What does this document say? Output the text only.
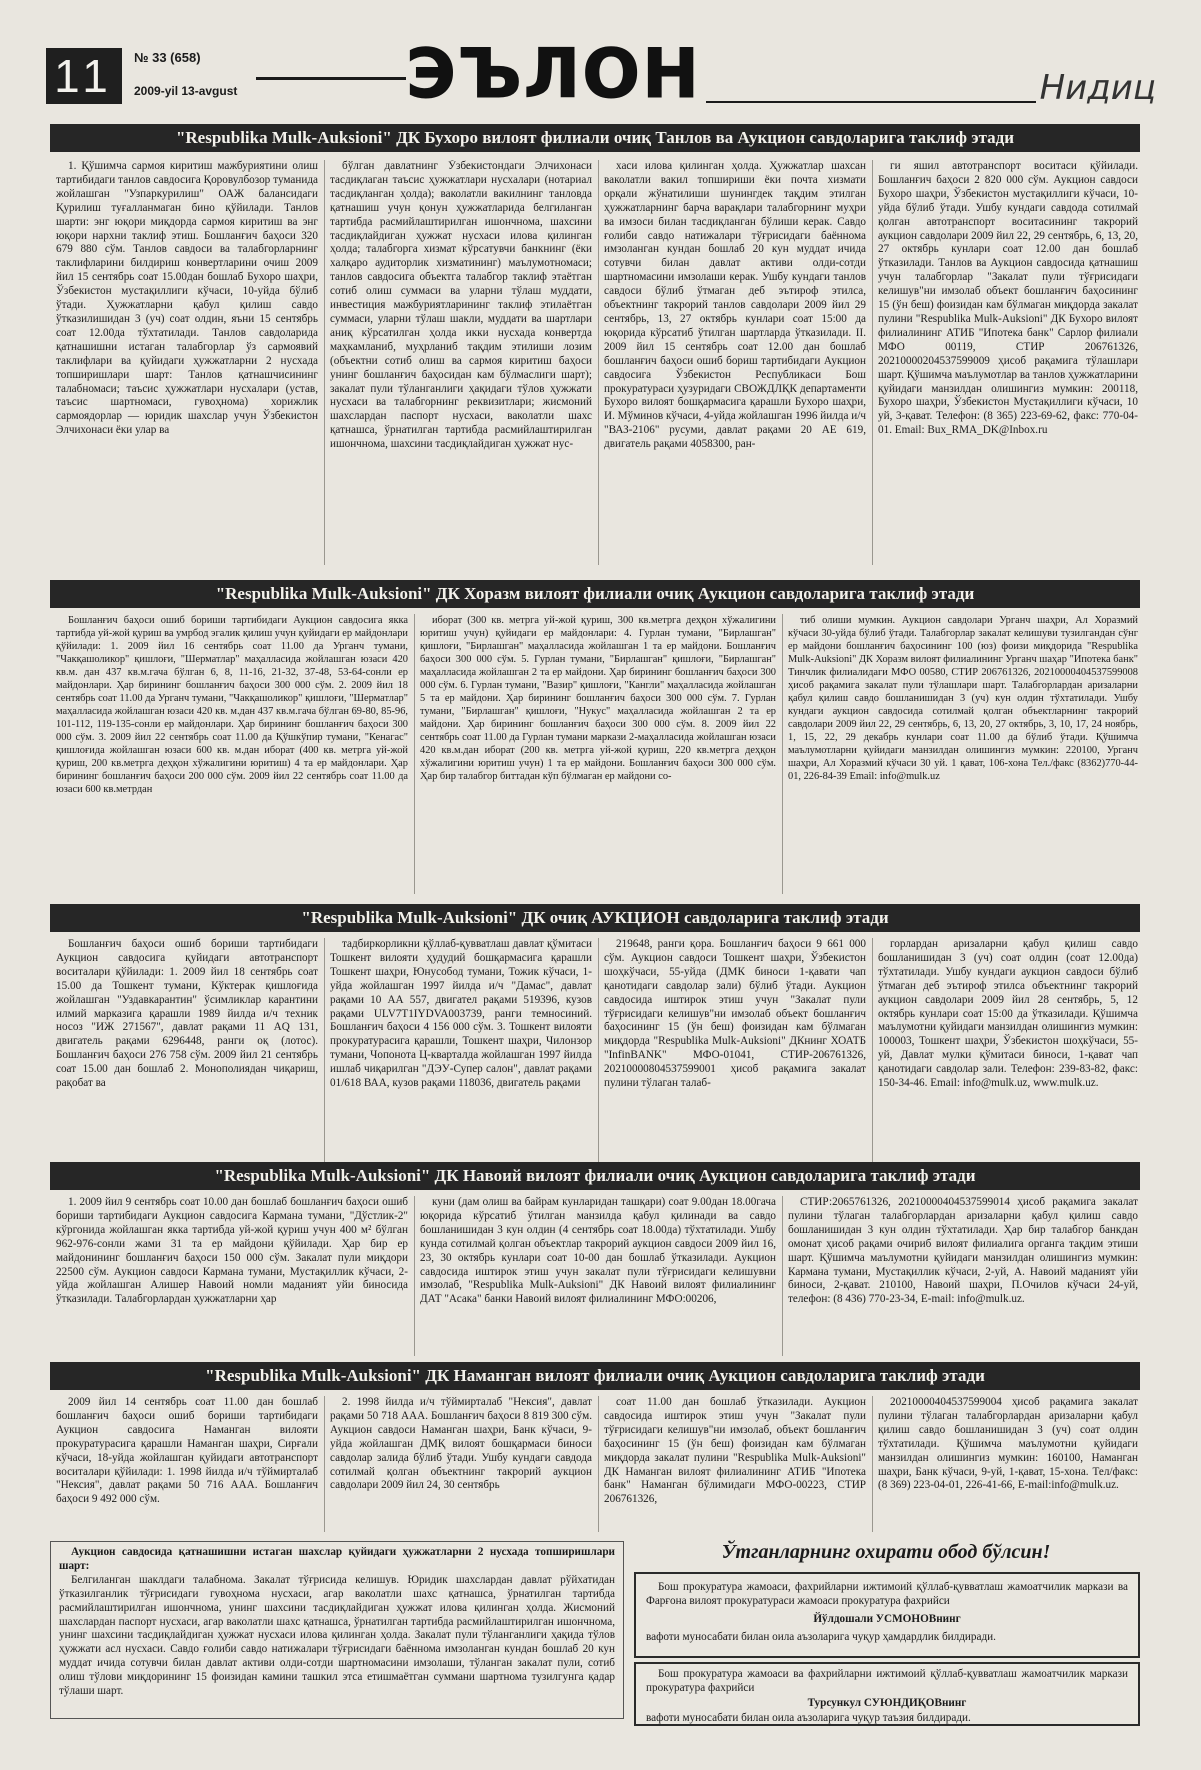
11	№ 33 (658)
2009-yil 13-avgust ЭЪЛОН	Нидиц
"Respublika Mulk-Auksioni" ДК Бухоро вилоят филиали очиқ Танлов ва Аукцион савдоларига таклиф этади

1. Қўшимча сармоя киритиш мажбуриятини олиш тартибидаги танлов савдосига Қоровулбозор туманида жойлашган "Узпаркурилиш" ОАЖ балансидаги Қурилиш туғалланмаган бино қўйилади. Танлов шарти: энг юқори миқдорда сармоя киритиш ва энг юқори нархни таклиф этиш. Бошланғич баҳоси 320 679 880 сўм. Танлов савдоси ва талабгорларнинг таклифларини билдириш конвертларини очиш 2009 йил 15 сентябрь соат 15.00дан бошлаб Бухоро шаҳри, Ўзбекистон мустақиллиги кўчаси, 10-уйда бўлиб ўтади. Ҳужжатларни қабул қилиш савдо ўтказилишидан 3 (уч) соат олдин, яъни 15 сентябрь соат 12.00да тўхтатилади. Танлов савдоларида қатнашишни истаган талабгорлар ўз сармоявий таклифлари ва қуйидаги ҳужжатларни 2 нусхада топширишлари шарт: Танлов қатнашчисининг талабномаси; таъсис ҳужжатлари нусхалари (устав, таъсис шартномаси, гувоҳнома) хорижлик сармоядорлар — юридик шахслар учун Ўзбекистон Элчихонаси ёки улар ва

бўлган давлатнинг Ўзбекистондаги Элчихонаси тасдиқлаган таъсис ҳужжатлари нусхалари (нотариал тасдиқланган ҳолда); ваколатли вакилнинг танловда қатнашиш учун қонун ҳужжатларида белгиланган тартибда расмийлаштирилган ишончнома, шахсини тасдиқлайдиган ҳужжат нусхаси илова қилинган ҳолда; талабгорга хизмат кўрсатувчи банкнинг (ёки халқаро аудиторлик хизматининг) маълумотномаси; танлов савдосига объектга талабгор таклиф этаётган сотиб олиш суммаси ва уларни тўлаш муддати, инвестиция мажбуриятларининг таклиф этилаётган суммаси, уларни тўлаш шакли, муддати ва шартлари аниқ кўрсатилган ҳолда икки нусхада конвертда маҳкамланиб, муҳрланиб тақдим этилиши лозим (объектни сотиб олиш ва сармоя киритиш баҳоси унинг бошланғич баҳосидан кам бўлмаслиги шарт); закалат пули тўланганлиги ҳақидаги тўлов ҳужжати нусхаси ва талабгорнинг реквизитлари; жисмоний шахслардан паспорт нусхаси, ваколатли шахс қатнашса, ўрнатилган тартибда расмийлаштирилган ишончнома, шахсини тасдиқлайдиган ҳужжат нус-

хаси илова қилинган ҳолда. Ҳужжатлар шахсан ваколатли вакил топшириши ёки почта хизмати орқали жўнатилиши шунингдек тақдим этилган ҳужжатларнинг барча варақлари талабгорнинг муҳри ва имзоси билан тасдиқланган бўлиши керак. Савдо ғолиби савдо натижалари тўғрисидаги баённома имзоланган кундан бошлаб 20 кун муддат ичида сотувчи билан давлат активи олди-сотди шартномасини имзолаши керак. Ушбу кундаги танлов савдоси бўлиб ўтмаган деб эътироф этилса, объектнинг такрорий танлов савдолари 2009 йил 29 сентябрь, 13, 27 октябрь кунлари соат 15:00 да юқорида кўрсатиб ўтилган шартларда ўтказилади. II. 2009 йил 15 сентябрь соат 12.00 дан бошлаб бошланғич баҳоси ошиб бориш тартибидаги Аукцион савдосига Ўзбекистон Республикаси Бош прокуратураси ҳузуридаги СВОЖДЛҚК департаменти Бухоро вилоят бошқармасига қарашли Бухоро шаҳри, И. Мўминов кўчаси, 4-уйда жойлашган 1996 йилда и/ч "ВАЗ-2106" русуми, давлат рақами 20 АЕ 619, двигатель рақами 4058300, ран-

ги яшил автотранспорт воситаси қўйилади. Бошланғич баҳоси 2 820 000 сўм. Аукцион савдоси Бухоро шаҳри, Ўзбекистон мустақиллиги кўчаси, 10-уйда бўлиб ўтади. Ушбу кундаги савдода сотилмай қолган автотранспорт воситасининг такрорий аукцион савдолари 2009 йил 22, 29 сентябрь, 6, 13, 20, 27 октябрь кунлари соат 12.00 дан бошлаб ўтказилади. Танлов ва Аукцион савдосида қатнашиш учун талабгорлар "Закалат пули тўғрисидаги келишув"ни имзолаб объект бошланғич баҳосининг 15 (ўн беш) фоизидан кам бўлмаган миқдорда закалат пулини "Respublika Mulk-Auksioni" ДК Бухоро вилоят филиалининг АТИБ "Ипотека банк" Сарлор филиали МФО 00119, СТИР 206761326, 20210000204537599009 ҳисоб рақамига тўлашлари шарт. Қўшимча маълумотлар ва танлов ҳужжатларини қуйидаги манзилдан олишингиз мумкин: 200118, Бухоро шаҳри, Ўзбекистон Мустақиллиги кўчаси, 10 уй, 3-қават. Телефон: (8 365) 223-69-62, факс: 770-04-01. Email: Bux_RMA_DK@Inbox.ru

"Respublika Mulk-Auksioni" ДК Хоразм вилоят филиали очиқ Аукцион савдоларига таклиф этади

Бошланғич баҳоси ошиб бориши тартибидаги Аукцион савдосига якка тартибда уй-жой қуриш ва умрбод эгалик қилиш учун қуйидаги ер майдонлари қўйилади: 1. 2009 йил 16 сентябрь соат 11.00 да Урганч тумани, "Чакқашоликор" қишлоғи, "Шерматлар" маҳалласида жойлашган юзаси 420 кв.м. дан 437 кв.м.гача бўлган 6, 8, 11-16, 21-32, 37-48, 53-64-сонли ер майдонлари. Ҳар бирининг бошланғич баҳоси 300 000 сўм. 2. 2009 йил 18 сентябрь соат 11.00 да Урганч тумани, "Чакқашоликор" қишлоғи, "Шерматлар" маҳалласида жойлашган юзаси 420 кв. м.дан 437 кв.м.гача бўлган 69-80, 85-96, 101-112, 119-135-сонли ер майдонлари. Ҳар бирининг бошланғич баҳоси 300 000 сўм. 3. 2009 йил 22 сентябрь соат 11.00 да Қўшкўпир тумани, "Кенагас" қишлоғида жойлашган юзаси 600 кв. м.дан иборат (400 кв. метрга уй-жой қуриш, 200 кв.метрга деҳқон хўжалигини юритиш) 4 та ер майдонлари. Ҳар бирининг бошланғич баҳоси 200 000 сўм. 2009 йил 22 сентябрь соат 11.00 да юзаси 600 кв.метрдан

иборат (300 кв. метрга уй-жой қуриш, 300 кв.метрга деҳқон хўжалигини юритиш учун) қуйидаги ер майдонлари: 4. Гурлан тумани, "Бирлашган" қишлоғи, "Бирлашган" маҳалласида жойлашган 1 та ер майдони. Бошланғич баҳоси 300 000 сўм. 5. Гурлан тумани, "Бирлашган" қишлоғи, "Бирлашган" маҳалласида жойлашган 2 та ер майдони. Ҳар бирининг бошланғич баҳоси 300 000 сўм. 6. Гурлан тумани, "Вазир" қишлоғи, "Кангли" маҳалласида жойлашган 5 та ер майдони. Ҳар бирининг бошланғич баҳоси 300 000 сўм. 7. Гурлан тумани, "Бирлашган" қишлоғи, "Нукус" маҳалласида жойлашган 2 та ер майдони. Ҳар бирининг бошланғич баҳоси 300 000 сўм. 8. 2009 йил 22 сентябрь соат 11.00 да Гурлан тумани маркази 2-маҳалласида жойлашган юзаси 420 кв.м.дан иборат (200 кв. метрга уй-жой қуриш, 220 кв.метрга деҳқон хўжалигини юритиш учун) 1 та ер майдони. Бошланғич баҳоси 300 000 сўм. Ҳар бир талабгор биттадан кўп бўлмаган ер майдони со-

тиб олиши мумкин. Аукцион савдолари Урганч шаҳри, Ал Хоразмий кўчаси 30-уйда бўлиб ўтади. Талабгорлар закалат келишуви тузилгандан сўнг ер майдони бошланғич баҳосининг 100 (юз) фоизи миқдорида "Respublika Mulk-Auksioni" ДК Хоразм вилоят филиалининг Урганч шаҳар "Ипотека банк" Тинчлик филиалидаги МФО 00580, СТИР 206761326, 20210000404537599008 ҳисоб рақамига закалат пули тўлашлари шарт. Талабгорлардан аризаларни қабул қилиш савдо бошланишидан 3 (уч) кун олдин тўхтатилади. Ушбу кундаги аукцион савдосида сотилмай қолган объектларнинг такрорий савдолари 2009 йил 22, 29 сентябрь, 6, 13, 20, 27 октябрь, 3, 10, 17, 24 ноябрь, 1, 15, 22, 29 декабрь кунлари соат 11.00 да бўлиб ўтади. Қўшимча маълумотларни қуйидаги манзилдан олишингиз мумкин: 220100, Урганч шаҳри, Ал Хоразмий кўчаси 30 уй. 1 қават, 106-хона Тел./факс (8362)770-44-01, 226-84-39 Email: info@mulk.uz

"Respublika Mulk-Auksioni" ДК очиқ АУКЦИОН савдоларига таклиф этади

Бошланғич баҳоси ошиб бориши тартибидаги Аукцион савдосига қуйидаги автотранспорт воситалари қўйилади: 1. 2009 йил 18 сентябрь соат 15.00 да Тошкент тумани, Кўктерак қишлоғида жойлашган "Уздавкарантин" ўсимликлар карантини илмий марказига қарашли 1989 йилда и/ч техник носоз "ИЖ 271567", давлат рақами 11 AQ 131, двигатель рақами 6296448, ранги оқ (лотос). Бошланғич баҳоси 276 758 сўм. 2009 йил 21 сентябрь соат 15.00 дан бошлаб 2. Монополиядан чиқариш, рақобат ва

тадбиркорликни қўллаб-қувватлаш давлат қўмитаси Тошкент вилояти ҳудудий бошқармасига қарашли Тошкент шаҳри, Юнусобод тумани, Тожик кўчаси, 1-уйда жойлашган 1997 йилда и/ч "Дамас", давлат рақами 10 АА 557, двигател рақами 519396, кузов рақами ULV7T1IYDVA003739, ранги темносиний. Бошланғич баҳоси 4 156 000 сўм. 3. Тошкент вилояти прокуратурасига қарашли, Тошкент шаҳри, Чилонзор тумани, Чопонота Ц-кварталда жойлашган 1997 йилда ишлаб чиқарилган "ДЭУ-Супер салон", давлат рақами 01/618 ВАА, кузов рақами 118036, двигатель рақами

219648, ранги қора. Бошланғич баҳоси 9 661 000 сўм. Аукцион савдоси Тошкент шаҳри, Ўзбекистон шоҳкўчаси, 55-уйда (ДМК биноси 1-қавати чап қанотидаги савдолар зали) бўлиб ўтади. Аукцион савдосида иштирок этиш учун "Закалат пули тўғрисидаги келишув"ни имзолаб объект бошланғич баҳосининг 15 (ўн беш) фоизидан кам бўлмаган миқдорда "Respublika Mulk-Auksioni" ДКнинг ХОАТБ "InfinBANK" МФО-01041, СТИР-206761326, 20210000804537599001 ҳисоб рақамига закалат пулини тўлаган талаб-

горлардан аризаларни қабул қилиш савдо бошланишидан 3 (уч) соат олдин (соат 12.00да) тўхтатилади. Ушбу кундаги аукцион савдоси бўлиб ўтмаган деб эътироф этилса объектнинг такрорий аукцион савдолари 2009 йил 28 сентябрь, 5, 12 октябрь кунлари соат 15:00 да ўтказилади. Қўшимча маълумотни қуйидаги манзилдан олишингиз мумкин: 100003, Тошкент шаҳри, Ўзбекистон шоҳкўчаси, 55-уй, Давлат мулки қўмитаси биноси, 1-қават чап қанотидаги савдолар зали. Телефон: 239-83-82, факс: 150-34-46. Email: info@mulk.uz, www.mulk.uz.

"Respublika Mulk-Auksioni" ДК Навоий вилоят филиали очиқ Аукцион савдоларига таклиф этади

1. 2009 йил 9 сентябрь соат 10.00 дан бошлаб бошланғич баҳоси ошиб бориши тартибидаги Аукцион савдосига Кармана тумани, "Дўстлик-2" кўргонида жойлашган якка тартибда уй-жой қуриш учун 400 м² бўлган 962-976-сонли жами 31 та ер майдони қўйилади. Ҳар бир ер майдонининг бошланғич баҳоси 150 000 сўм. Закалат пули миқдори 22500 сўм. Аукцион савдоси Кармана тумани, Мустақиллик кўчаси, 2-уйда жойлашган Алишер Навоий номли маданият уйи биносида ўтказилади. Талабгорлардан ҳужжатларни ҳар

куни (дам олиш ва байрам кунларидан ташқари) соат 9.00дан 18.00гача юқорида кўрсатиб ўтилган манзилда қабул қилинади ва савдо бошланишидан 3 кун олдин (4 сентябрь соат 18.00да) тўхтатилади. Ушбу кунда сотилмай қолган объектлар такрорий аукцион савдоси 2009 йил 16, 23, 30 октябрь кунлари соат 10-00 дан бошлаб ўтказилади. Аукцион савдосида иштирок этиш учун закалат пули тўғрисидаги келишувни имзолаб, "Respublika Mulk-Auksioni" ДК Навоий вилоят филиалининг ДАТ "Асака" банки Навоий вилоят филиалининг МФО:00206,

СТИР:2065761326, 20210000404537599014 ҳисоб рақамига закалат пулини тўлаган талабгорлардан аризаларни қабул қилиш савдо бошланишидан 3 кун олдин тўхтатилади. Ҳар бир талабгор банкдан омонат ҳисоб рақами очириб вилоят филиалига органга тақдим этиши шарт. Қўшимча маълумотни қуйидаги манзилдан олишингиз мумкин: Кармана тумани, Мустақиллик кўчаси, 2-уй, А. Навоий маданият уйи биноси, 2-қават. 210100, Навоий шаҳри, П.Очилов кўчаси 24-уй, телефон: (8 436) 770-23-34, E-mail: info@mulk.uz.

"Respublika Mulk-Auksioni" ДК Наманган вилоят филиали очиқ Аукцион савдоларига таклиф этади

2009 йил 14 сентябрь соат 11.00 дан бошлаб бошланғич баҳоси ошиб бориши тартибидаги Аукцион савдосига Наманган вилояти прокуратурасига қарашли Наманган шаҳри, Сирғали кўчаси, 18-уйда жойлашган қуйидаги автотранспорт воситалари қўйилади: 1. 1998 йилда и/ч тўймирталаб "Нексия", давлат рақами 50 716 ААА. Бошланғич баҳоси 9 492 000 сўм.

2. 1998 йилда и/ч тўймирталаб "Нексия", давлат рақами 50 718 ААА. Бошланғич баҳоси 8 819 300 сўм. Аукцион савдоси Наманган шаҳри, Банк кўчаси, 9-уйда жойлашган ДМҚ вилоят бошқармаси биноси савдолар залида бўлиб ўтади. Ушбу кундаги савдода сотилмай қолган объектнинг такрорий аукцион савдолари 2009 йил 24, 30 сентябрь

соат 11.00 дан бошлаб ўтказилади. Аукцион савдосида иштирок этиш учун "Закалат пули тўғрисидаги келишув"ни имзолаб, объект бошланғич баҳосининг 15 (ўн беш) фоизидан кам бўлмаган миқдорда закалат пулини "Respublika Mulk-Auksioni" ДК Наманган вилоят филиалининг АТИБ "Ипотека банк" Наманган бўлимидаги МФО-00223, СТИР 206761326,

20210000404537599004 ҳисоб рақамига закалат пулини тўлаган талабгорлардан аризаларни қабул қилиш савдо бошланишидан 3 (уч) соат олдин тўхтатилади. Қўшимча маълумотни қуйидаги манзилдан олишингиз мумкин: 160100, Наманган шаҳри, Банк кўчаси, 9-уй, 1-қават, 15-хона. Тел/факс: (8 369) 223-04-01, 226-41-66, E-mail:info@mulk.uz.

Аукцион савдосида қатнашишни истаган шахслар қуйидаги ҳужжатларни 2 нусхада топширишлари шарт:

Белгиланган шаклдаги талабнома. Закалат тўғрисида келишув. Юридик шахслардан давлат рўйхатидан ўтказилганлик тўғрисидаги гувоҳнома нусхаси, агар ваколатли шахс қатнашса, ўрнатилган тартибда расмийлаштирилган ишончнома, унинг шахсини тасдиқлайдиган ҳужжат илова қилинган ҳолда. Жисмоний шахслардан паспорт нусхаси, агар ваколатли шахс қатнашса, ўрнатилган тартибда расмийлаштирилган ишончнома, унинг шахсини тасдиқлайдиган ҳужжат нусхаси илова қилинган ҳолда. Закалат пули тўланганлиги ҳақида тўлов ҳужжати асл нусхаси. Савдо ғолиби савдо натижалари тўғрисидаги баённома имзоланган кундан бошлаб 20 кун муддат ичида сотувчи билан давлат активи олди-сотди шартномасини имзолаши, тўланган закалат пули, сотиб олиш тўлови миқдорининг 15 фоизидан камини ташкил этса етишмаётган суммани шартнома тузилгунга қадар тўлаши шарт.

Ўтганларнинг охирати обод бўлсин!
Бош прокуратура жамоаси, фахрийларни ижтимоий қўллаб-қувватлаш жамоатчилик маркази ва Фарғона вилоят прокуратураси жамоаси прокуратура фахрийси
Йўлдошали УСМОНОВнинг
вафоти муносабати билан оила аъзоларига чуқур ҳамдардлик билдиради.
Бош прокуратура жамоаси ва фахрийларни ижтимоий қўллаб-қувватлаш жамоатчилик маркази прокуратура фахрийси
Турсункул СУЮНДИҚОВнинг
вафоти муносабати билан оила аъзоларига чуқур таъзия билдиради.
